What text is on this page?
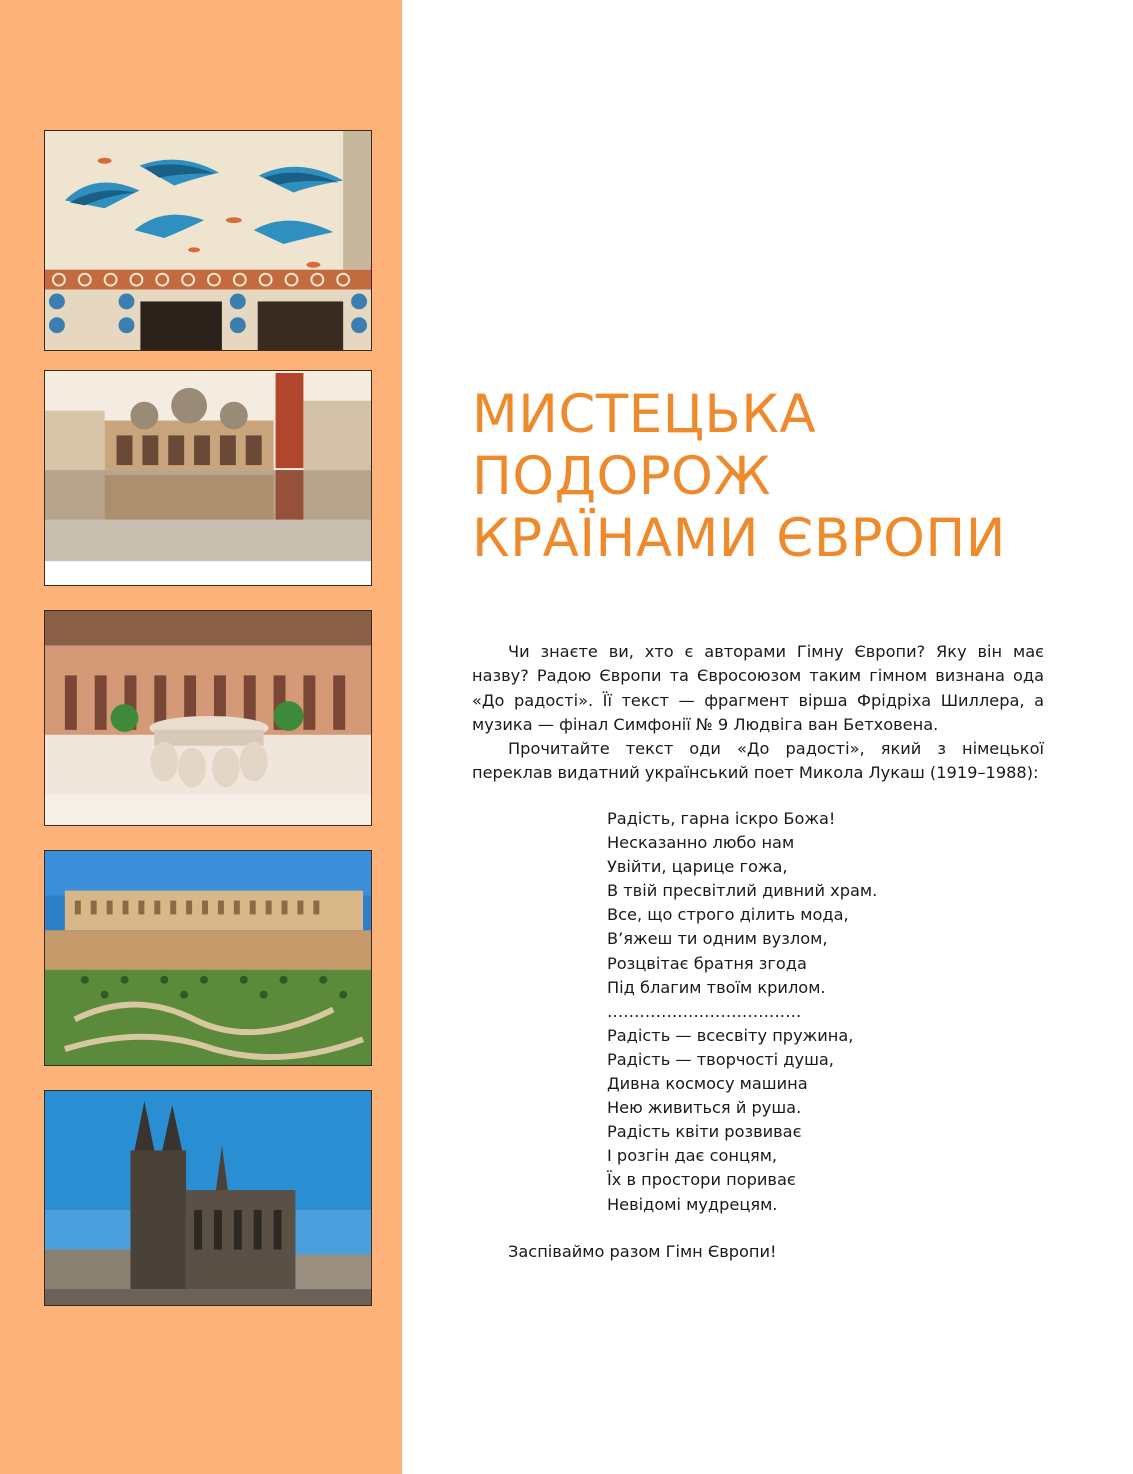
МИСТЕЦЬКА
ПОДОРОЖ
КРАЇНАМИ ЄВРОПИ

Чи знаєте ви, хто є авторами Гімну Європи? Яку він має назву? Радою Європи та Євросоюзом таким гімном визнана ода «До радості». Її текст — фрагмент вірша Фрідріха Шиллера, а музика — фінал Симфонії № 9 Людвіга ван Бетховена.

Прочитайте текст оди «До радості», який з німецької переклав видатний український поет Микола Лукаш (1919–1988):

Радість, гарна іскро Божа!
Несказанно любо нам
Увійти, царице гожа,
В твій пресвітлий дивний храм.
Все, що строго ділить мода,
В’яжеш ти одним вузлом,
Розцвітає братня згода
Під благим твоїм крилом.
………………………………
Радість — всесвіту пружина,
Радість — творчості душа,
Дивна космосу машина
Нею живиться й руша.
Радість квіти розвиває
І розгін дає сонцям,
Їх в простори пориває
Невідомі мудрецям.
Заспіваймо разом Гімн Європи!
